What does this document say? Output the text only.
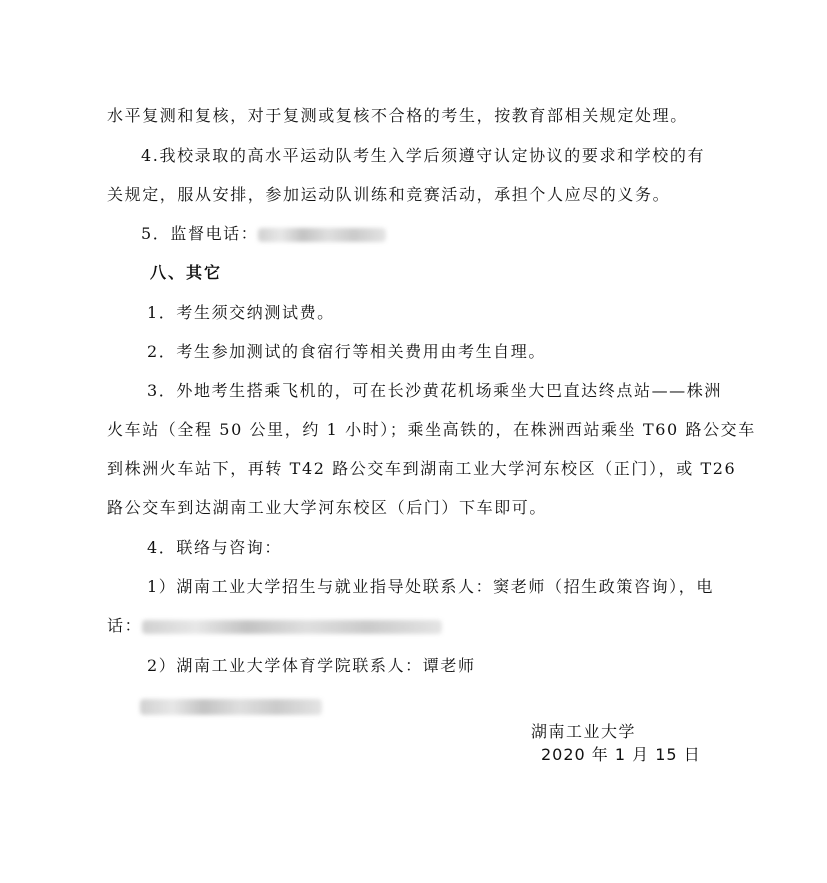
水平复测和复核，对于复测或复核不合格的考生，按教育部相关规定处理。
4.我校录取的高水平运动队考生入学后须遵守认定协议的要求和学校的有
关规定，服从安排，参加运动队训练和竞赛活动，承担个人应尽的义务。
5．监督电话：
八、其它
1．考生须交纳测试费。
2．考生参加测试的食宿行等相关费用由考生自理。
3．外地考生搭乘飞机的，可在长沙黄花机场乘坐大巴直达终点站——株洲
火车站（全程 50 公里，约 1 小时）；乘坐高铁的，在株洲西站乘坐 T60 路公交车
到株洲火车站下，再转 T42 路公交车到湖南工业大学河东校区（正门），或 T26
路公交车到达湖南工业大学河东校区（后门）下车即可。
4．联络与咨询：
1）湖南工业大学招生与就业指导处联系人：窦老师（招生政策咨询），电
话：
2）湖南工业大学体育学院联系人：谭老师
湖南工业大学
2020 年 1 月 15 日
